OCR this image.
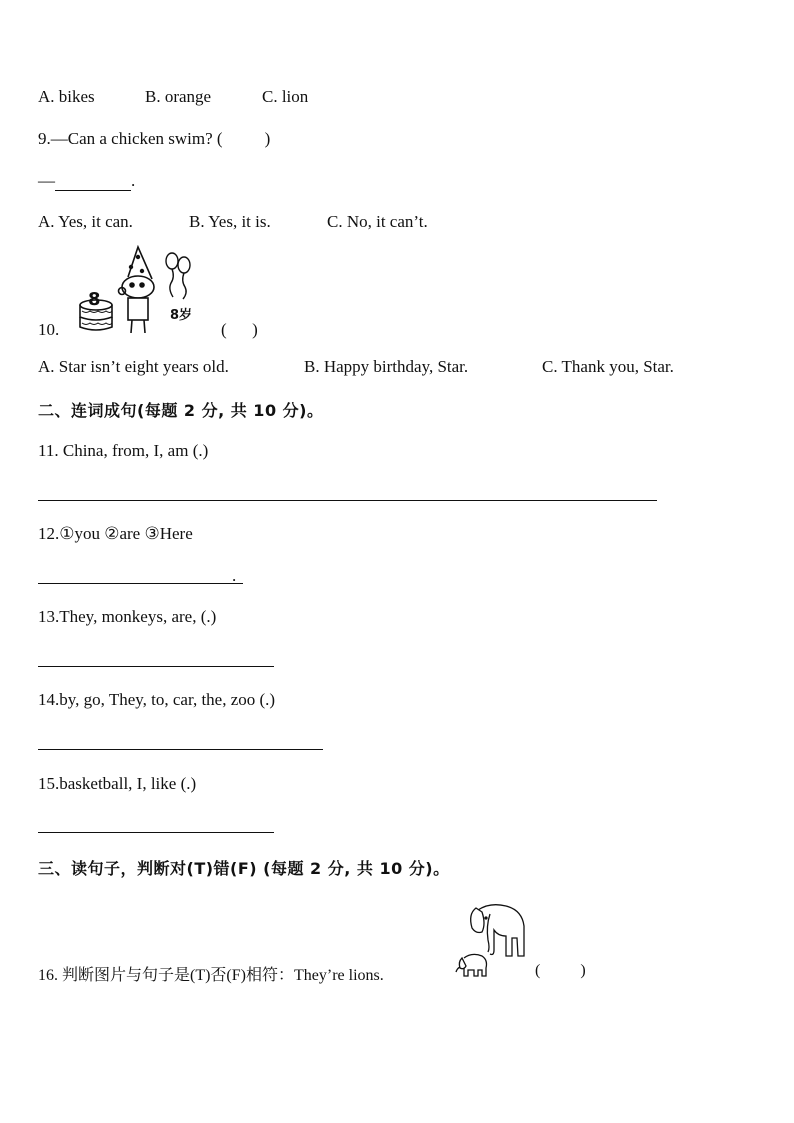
A. bikes	B. orange	C. lion
9.—Can a chicken swim? ( )
—	.
A. Yes, it can.	B. Yes, it is.	C. No, it can’t.
10.
8
8岁
(      )
A. Star isn’t eight years old.	B. Happy birthday, Star.	C. Thank you, Star.
二、连词成句(每题 2 分, 共 10 分)。
11. China, from, I, am (.)
12.①you ②are ③Here
.
13.They, monkeys, are, (.)
14.by, go, They, to, car, the, zoo (.)
15.basketball, I, like (.)
三、读句子，判断对(T)错(F) (每题 2 分, 共 10 分)。
16. 判断图片与句子是(T)否(F)相符：They’re lions.	(          )
